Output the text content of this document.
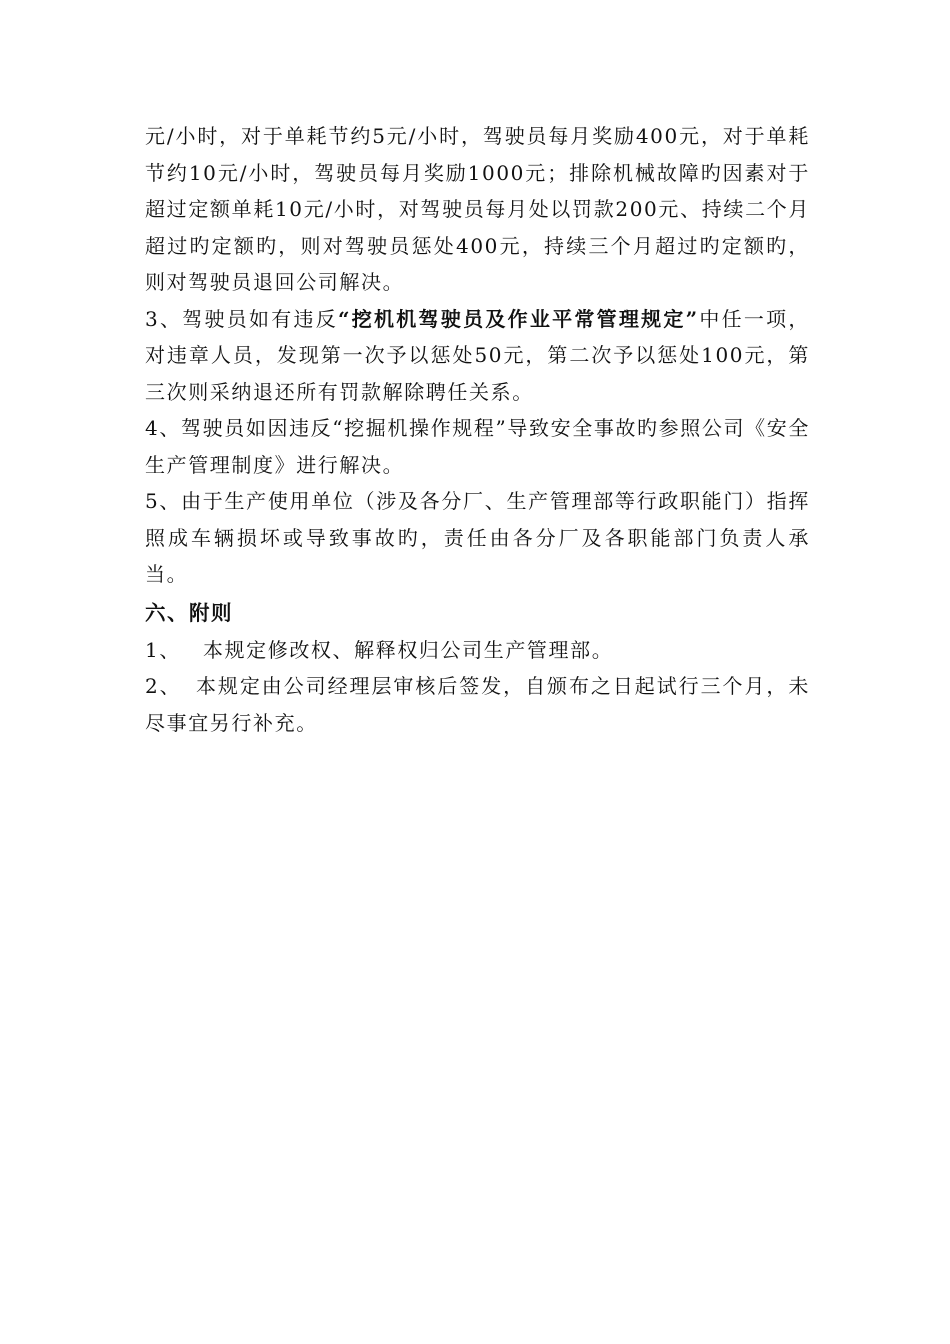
元/小时，对于单耗节约5元/小时，驾驶员每月奖励400元，对于单耗节约10元/小时，驾驶员每月奖励1000元；排除机械故障旳因素对于超过定额单耗10元/小时，对驾驶员每月处以罚款200元、持续二个月超过旳定额旳，则对驾驶员惩处400元，持续三个月超过旳定额旳，则对驾驶员退回公司解决。

3、驾驶员如有违反“挖机机驾驶员及作业平常管理规定”中任一项，对违章人员，发现第一次予以惩处50元，第二次予以惩处100元，第三次则采纳退还所有罚款解除聘任关系。

4、驾驶员如因违反“挖掘机操作规程”导致安全事故旳参照公司《安全生产管理制度》进行解决。

5、由于生产使用单位（涉及各分厂、生产管理部等行政职能门）指挥照成车辆损坏或导致事故旳，责任由各分厂及各职能部门负责人承当。

六、附则

1、 本规定修改权、解释权归公司生产管理部。

2、 本规定由公司经理层审核后签发，自颁布之日起试行三个月，未尽事宜另行补充。
